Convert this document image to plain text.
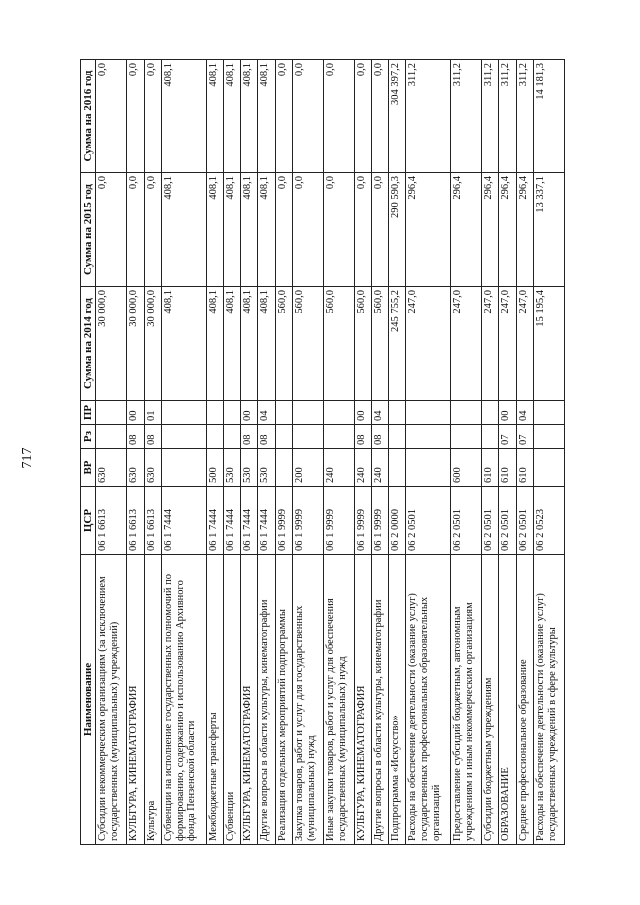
717
Наименование	ЦСР	ВР	Рз	ПР	Сумма на 2014 год	Сумма на 2015 год	Сумма на 2016 год
Субсидии некоммерческим организациям (за исключением государственных (муниципальных) учреждений)	06 1 6613	630			30 000,0	0,0	0,0
КУЛЬТУРА, КИНЕМАТОГРАФИЯ	06 1 6613	630	08	00	30 000,0	0,0	0,0
Культура	06 1 6613	630	08	01	30 000,0	0,0	0,0
Субвенции на исполнение государственных полномочий по формированию, содержанию и использованию Архивного фонда Пензенской области	06 1 7444				408,1	408,1	408,1
Межбюджетные трансферты	06 1 7444	500			408,1	408,1	408,1
Субвенции	06 1 7444	530			408,1	408,1	408,1
КУЛЬТУРА, КИНЕМАТОГРАФИЯ	06 1 7444	530	08	00	408,1	408,1	408,1
Другие вопросы в области культуры, кинематографии	06 1 7444	530	08	04	408,1	408,1	408,1
Реализация отдельных мероприятий подпрограммы	06 1 9999				560,0	0,0	0,0
Закупка товаров, работ и услуг для государственных (муниципальных) нужд	06 1 9999	200			560,0	0,0	0,0
Иные закупки товаров, работ и услуг для обеспечения государственных (муниципальных) нужд	06 1 9999	240			560,0	0,0	0,0
КУЛЬТУРА, КИНЕМАТОГРАФИЯ	06 1 9999	240	08	00	560,0	0,0	0,0
Другие вопросы в области культуры, кинематографии	06 1 9999	240	08	04	560,0	0,0	0,0
Подпрограмма «Искусство»	06 2 0000				245 755,2	290 590,3	304 397,2
Расходы на обеспечение деятельности (оказание услуг) государственных профессиональных образовательных организаций	06 2 0501				247,0	296,4	311,2
Предоставление субсидий бюджетным, автономным учреждениям и иным некоммерческим организациям	06 2 0501	600			247,0	296,4	311,2
Субсидии бюджетным учреждениям	06 2 0501	610			247,0	296,4	311,2
ОБРАЗОВАНИЕ	06 2 0501	610	07	00	247,0	296,4	311,2
Среднее профессиональное образование	06 2 0501	610	07	04	247,0	296,4	311,2
Расходы на обеспечение деятельности (оказание услуг) государственных учреждений в сфере культуры	06 2 0523				15 195,4	13 337,1	14 181,3
